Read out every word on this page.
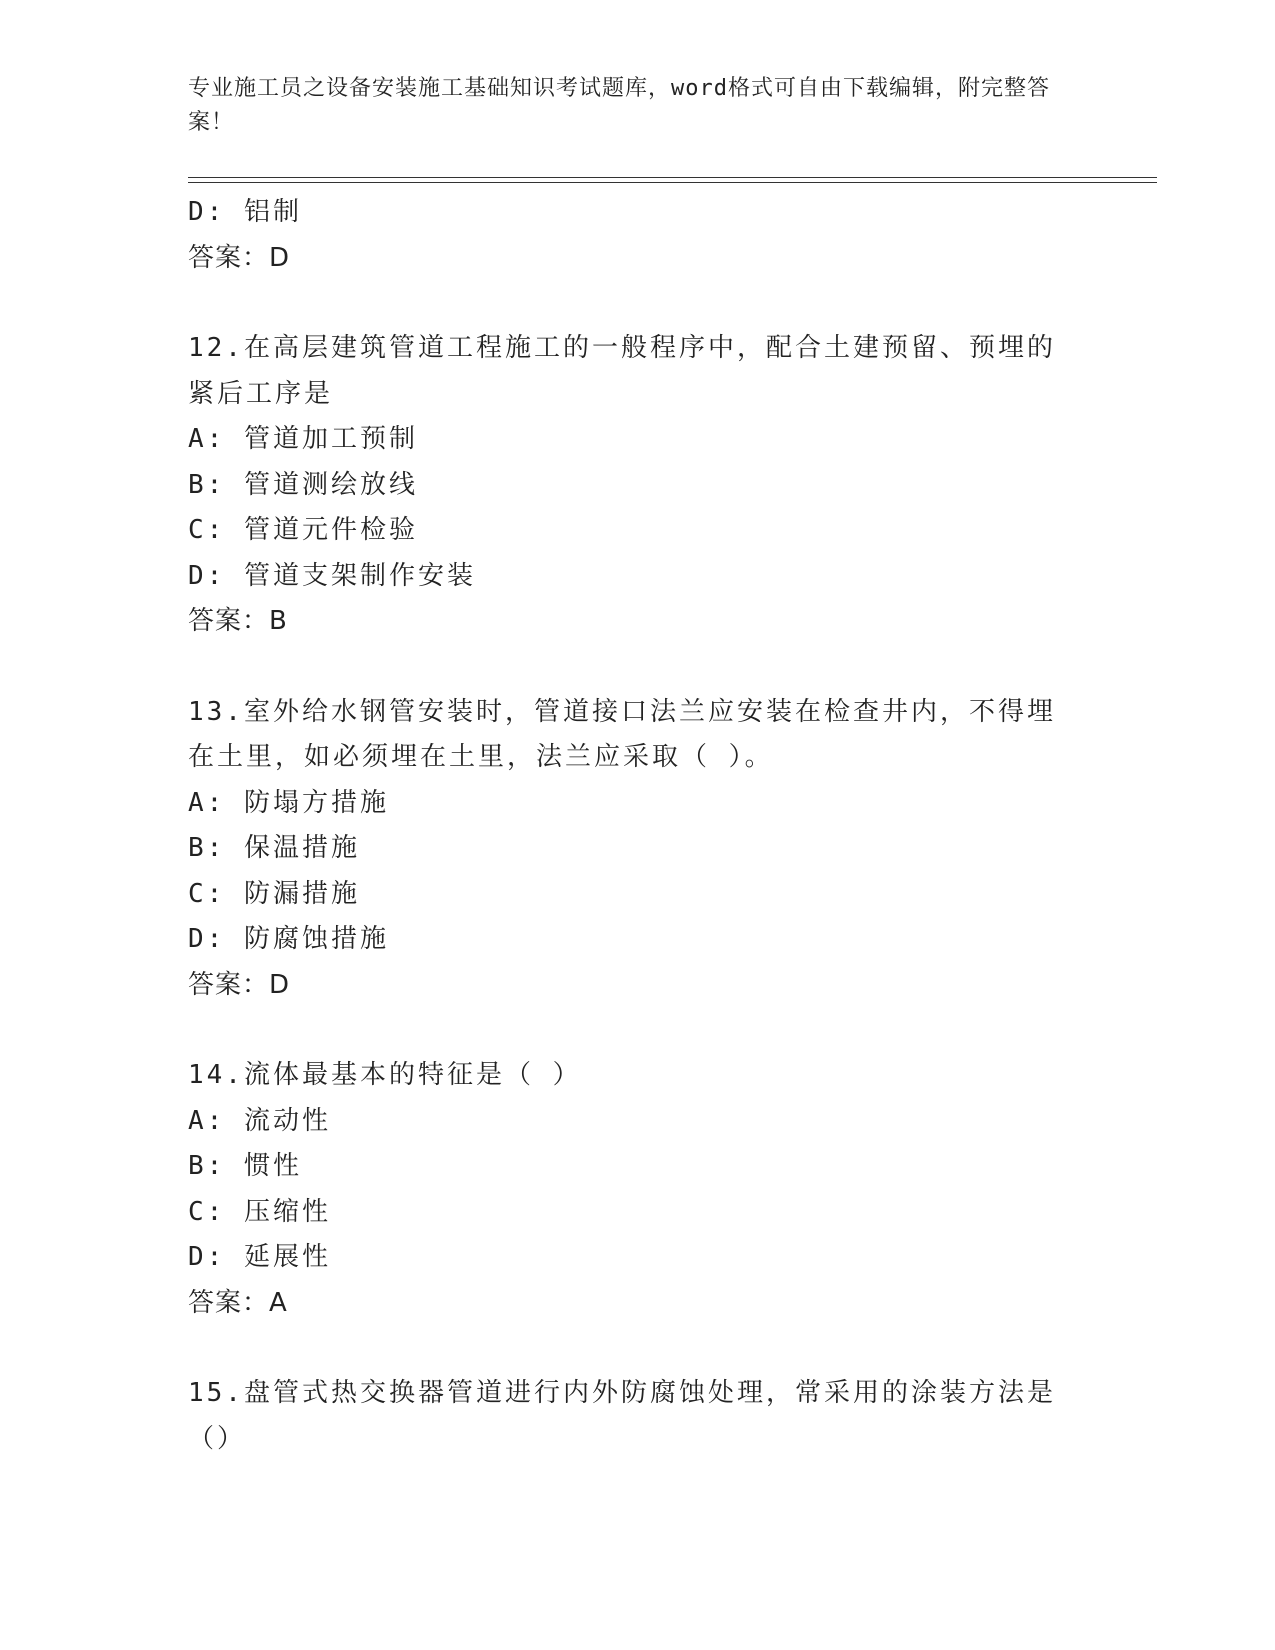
专业施工员之设备安装施工基础知识考试题库，word格式可自由下载编辑，附完整答案！
D: 铝制
答案：D
12.在高层建筑管道工程施工的一般程序中，配合土建预留、预埋的紧后工序是
A: 管道加工预制
B: 管道测绘放线
C: 管道元件检验
D: 管道支架制作安装
答案：B
13.室外给水钢管安装时，管道接口法兰应安装在检查井内，不得埋在土里，如必须埋在土里，法兰应采取（ ）。
A: 防塌方措施
B: 保温措施
C: 防漏措施
D: 防腐蚀措施
答案：D
14.流体最基本的特征是（ ）
A: 流动性
B: 惯性
C: 压缩性
D: 延展性
答案：A
15.盘管式热交换器管道进行内外防腐蚀处理，常采用的涂装方法是（）
